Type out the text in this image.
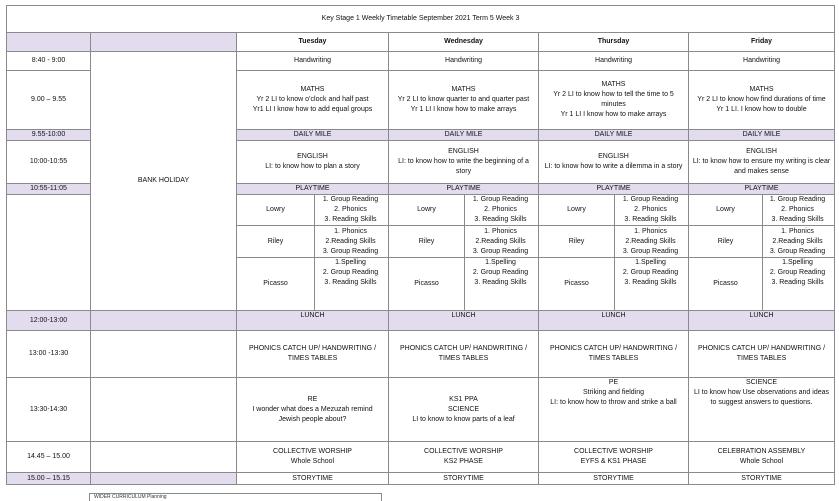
Key Stage 1 Weekly Timetable September 2021 Term 5 Week 3									
		Tuesday		Wednesday		Thursday		Friday	
8:40 - 9:00	BANK HOLIDAY	Handwriting		Handwriting		Handwriting		Handwriting	
9.00 – 9.55		MATHS
Yr 2 LI to know o’clock and half past
Yr1 LI I know how to add equal groups		MATHS
Yr 2 LI to know quarter to and quarter past
Yr 1 LI I know how to make arrays		MATHS
Yr 2 LI to know how to tell the time to 5 minutes
Yr 1 LI I know how to make arrays		MATHS
Yr 2 LI to know how find durations of time
Yr 1 LI. I know how to double	

9.55-10:00		DAILY MILE		DAILY MILE		DAILY MILE		DAILY MILE	
10:00-10:55		ENGLISH
LI: to know how to plan a story		ENGLISH
LI: to know how to write the beginning of a story		ENGLISH
LI: to know how to write a dilemma in a story		ENGLISH
LI: to know how to ensure my writing is clear and makes sense	

10:55-11:05		PLAYTIME		PLAYTIME		PLAYTIME		PLAYTIME	
		Lowry	1. Group Reading
2. Phonics
3. Reading Skills	Lowry	1. Group Reading
2. Phonics
3. Reading Skills	Lowry	1. Group Reading
2. Phonics
3. Reading Skills	Lowry	1. Group Reading
2. Phonics
3. Reading Skills

		Riley	1. Phonics
2.Reading Skills
3. Group Reading	Riley	1. Phonics
2.Reading Skills
3. Group Reading	Riley	1. Phonics
2.Reading Skills
3. Group Reading	Riley	1. Phonics
2.Reading Skills
3. Group Reading

		Picasso	1.Spelling
2. Group Reading
3. Reading Skills	Picasso	1.Spelling
2. Group Reading
3. Reading Skills	Picasso	1.Spelling
2. Group Reading
3. Reading Skills	Picasso	1.Spelling
2. Group Reading
3. Reading Skills

12:00-13:00		LUNCH		LUNCH		LUNCH		LUNCH	
13:00 -13:30		PHONICS CATCH UP/ HANDWRITING /
TIMES TABLES		PHONICS CATCH UP/ HANDWRITING /
TIMES TABLES		PHONICS CATCH UP/ HANDWRITING /
TIMES TABLES		PHONICS CATCH UP/ HANDWRITING /
TIMES TABLES	

13:30-14:30		RE
I wonder what does a Mezuzah remind
Jewish people about?		KS1 PPA
SCIENCE
LI to know to know parts of a leaf		PE
Striking and fielding
LI: to know how to throw and strike a ball		SCIENCE
LI to know how Use observations and ideas to suggest answers to questions.	

14.45 – 15.00		COLLECTIVE WORSHIP
Whole School		COLLECTIVE WORSHIP
KS2 PHASE		COLLECTIVE WORSHIP
EYFS & KS1 PHASE		CELEBRATION ASSEMBLY
Whole School	

15.00 – 15.15		STORYTIME		STORYTIME		STORYTIME		STORYTIME	
WIDER CURRICULUM Planning
